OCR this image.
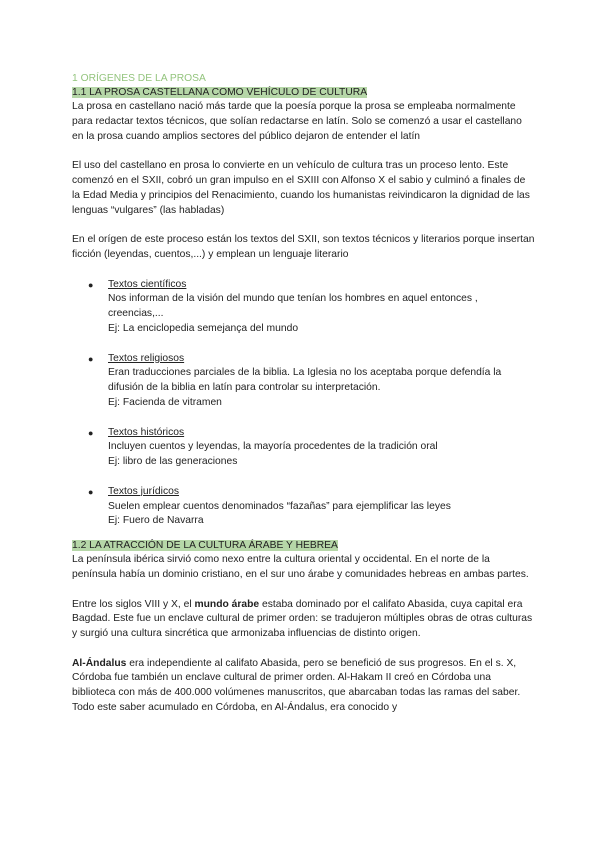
1 ORÍGENES DE LA PROSA

1.1 LA PROSA CASTELLANA COMO VEHÍCULO DE CULTURA

La prosa en castellano nació más tarde que la poesía porque la prosa se empleaba normalmente para redactar textos técnicos, que solían redactarse en latín. Solo se comenzó a usar el castellano en la prosa cuando amplios sectores del público dejaron de entender el latín

El uso del castellano en prosa lo convierte en un vehículo de cultura tras un proceso lento. Este comenzó en el SXII, cobró un gran impulso en el SXIII con Alfonso X el sabio y culminó a finales de la Edad Media y principios del Renacimiento, cuando los humanistas reivindicaron la dignidad de las lenguas “vulgares” (las habladas)

En el orígen de este proceso están los textos del SXII, son textos técnicos y literarios porque insertan ficción (leyendas, cuentos,...) y emplean un lenguaje literario

● Textos científicos
Nos informan de la visión del mundo que tenían los hombres en aquel entonces , creencias,...
Ej: La enciclopedia semejança del mundo
● Textos religiosos
Eran traducciones parciales de la biblia. La Iglesia no los aceptaba porque defendía la difusión de la biblia en latín para controlar su interpretación.
Ej: Facienda de vitramen
● Textos históricos
Incluyen cuentos y leyendas, la mayoría procedentes de la tradición oral
Ej: libro de las generaciones
● Textos jurídicos
Suelen emplear cuentos denominados “fazañas” para ejemplificar las leyes
Ej: Fuero de Navarra

1.2 LA ATRACCIÓN DE LA CULTURA ÁRABE Y HEBREA

La península ibérica sirvió como nexo entre la cultura oriental y occidental. En el norte de la península había un dominio cristiano, en el sur uno árabe y comunidades hebreas en ambas partes.

Entre los siglos VIII y X, el mundo árabe estaba dominado por el califato Abasida, cuya capital era Bagdad. Este fue un enclave cultural de primer orden: se tradujeron múltiples obras de otras culturas y surgió una cultura sincrética que armonizaba influencias de distinto origen.

Al-Ándalus era independiente al califato Abasida, pero se benefició de sus progresos. En el s. X, Córdoba fue también un enclave cultural de primer orden. Al-Hakam II creó en Córdoba una biblioteca con más de 400.000 volúmenes manuscritos, que abarcaban todas las ramas del saber. Todo este saber acumulado en Córdoba, en Al-Ándalus, era conocido y
